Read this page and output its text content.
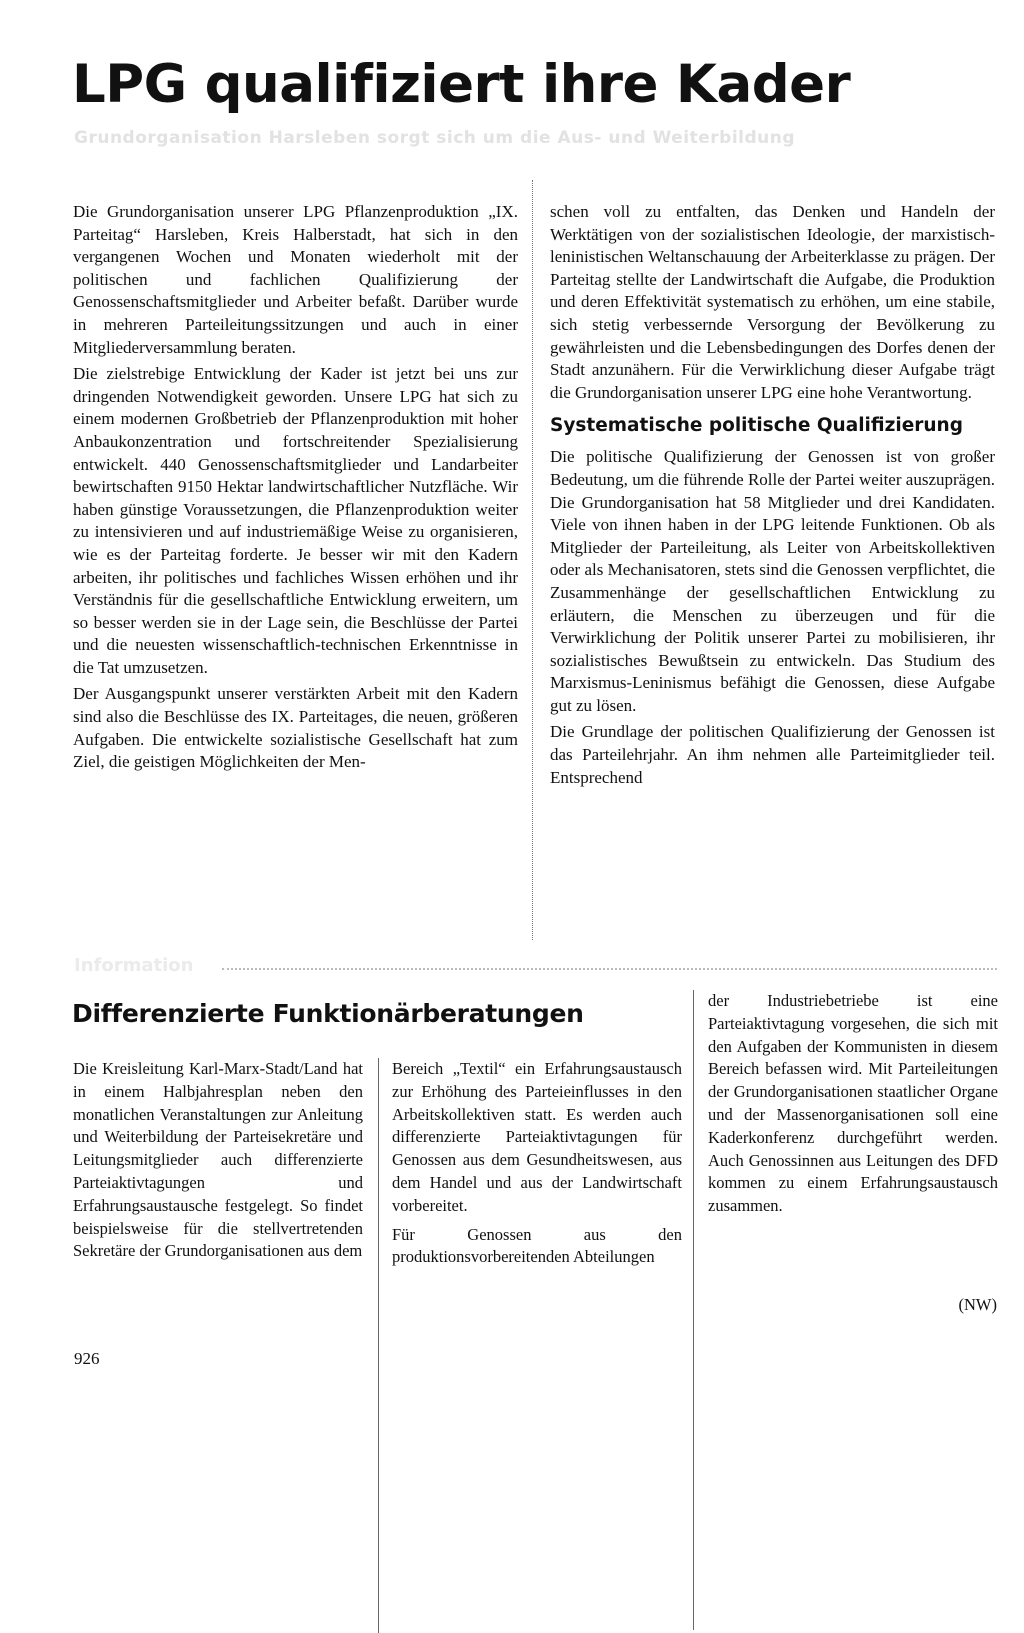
LPG qualifiziert ihre Kader

Grundorganisation Harsleben sorgt sich um die Aus- und Weiterbildung

Die Grundorganisation unserer LPG Pflanzenproduktion „IX. Parteitag“ Harsleben, Kreis Halberstadt, hat sich in den vergangenen Wochen und Monaten wiederholt mit der politischen und fachlichen Qualifizierung der Genossenschaftsmitglieder und Arbeiter befaßt. Darüber wurde in mehreren Parteileitungssitzungen und auch in einer Mitgliederversammlung beraten.

Die zielstrebige Entwicklung der Kader ist jetzt bei uns zur dringenden Notwendigkeit geworden. Unsere LPG hat sich zu einem modernen Großbetrieb der Pflanzenproduktion mit hoher Anbaukonzentration und fortschreitender Spezialisierung entwickelt. 440 Genossenschaftsmitglieder und Landarbeiter bewirtschaften 9150 Hektar landwirtschaftlicher Nutzfläche. Wir haben günstige Voraussetzungen, die Pflanzenproduktion weiter zu intensivieren und auf industriemäßige Weise zu organisieren, wie es der Parteitag forderte. Je besser wir mit den Kadern arbeiten, ihr politisches und fachliches Wissen erhöhen und ihr Verständnis für die gesellschaftliche Entwicklung erweitern, um so besser werden sie in der Lage sein, die Beschlüsse der Partei und die neuesten wissenschaftlich-technischen Erkenntnisse in die Tat umzusetzen.

Der Ausgangspunkt unserer verstärkten Arbeit mit den Kadern sind also die Beschlüsse des IX. Parteitages, die neuen, größeren Aufgaben. Die entwickelte sozialistische Gesellschaft hat zum Ziel, die geistigen Möglichkeiten der Men-

schen voll zu entfalten, das Denken und Handeln der Werktätigen von der sozialistischen Ideologie, der marxistisch-leninistischen Weltanschauung der Arbeiterklasse zu prägen. Der Parteitag stellte der Landwirtschaft die Aufgabe, die Produktion und deren Effektivität systematisch zu erhöhen, um eine stabile, sich stetig verbessernde Versorgung der Bevölkerung zu gewährleisten und die Lebensbedingungen des Dorfes denen der Stadt anzunähern. Für die Verwirklichung dieser Aufgabe trägt die Grundorganisation unserer LPG eine hohe Verantwortung.

Systematische politische Qualifizierung

Die politische Qualifizierung der Genossen ist von großer Bedeutung, um die führende Rolle der Partei weiter auszuprägen. Die Grundorganisation hat 58 Mitglieder und drei Kandidaten. Viele von ihnen haben in der LPG leitende Funktionen. Ob als Mitglieder der Parteileitung, als Leiter von Arbeitskollektiven oder als Mechanisatoren, stets sind die Genossen verpflichtet, die Zusammenhänge der gesellschaftlichen Entwicklung zu erläutern, die Menschen zu überzeugen und für die Verwirklichung der Politik unserer Partei zu mobilisieren, ihr sozialistisches Bewußtsein zu entwickeln. Das Studium des Marxismus-Leninismus befähigt die Genossen, diese Aufgabe gut zu lösen.

Die Grundlage der politischen Qualifizierung der Genossen ist das Parteilehrjahr. An ihm nehmen alle Parteimitglieder teil. Entsprechend

Information
Differenzierte Funktionärberatungen

Die Kreisleitung Karl-Marx-Stadt/Land hat in einem Halbjahresplan neben den monatlichen Veranstaltungen zur Anleitung und Weiterbildung der Parteisekretäre und Leitungsmitglieder auch differenzierte Parteiaktivtagungen und Erfahrungsaustausche festgelegt. So findet beispielsweise für die stellvertretenden Sekretäre der Grundorganisationen aus dem

Bereich „Textil“ ein Erfahrungsaustausch zur Erhöhung des Parteieinflusses in den Arbeitskollektiven statt. Es werden auch differenzierte Parteiaktivtagungen für Genossen aus dem Gesundheitswesen, aus dem Handel und aus der Landwirtschaft vorbereitet.

Für Genossen aus den produktionsvorbereitenden Abteilungen

der Industriebetriebe ist eine Parteiaktivtagung vorgesehen, die sich mit den Aufgaben der Kommunisten in diesem Bereich befassen wird. Mit Parteileitungen der Grundorganisationen staatlicher Organe und der Massenorganisationen soll eine Kaderkonferenz durchgeführt werden. Auch Genossinnen aus Leitungen des DFD kommen zu einem Erfahrungsaustausch zusammen.

(NW)

926
